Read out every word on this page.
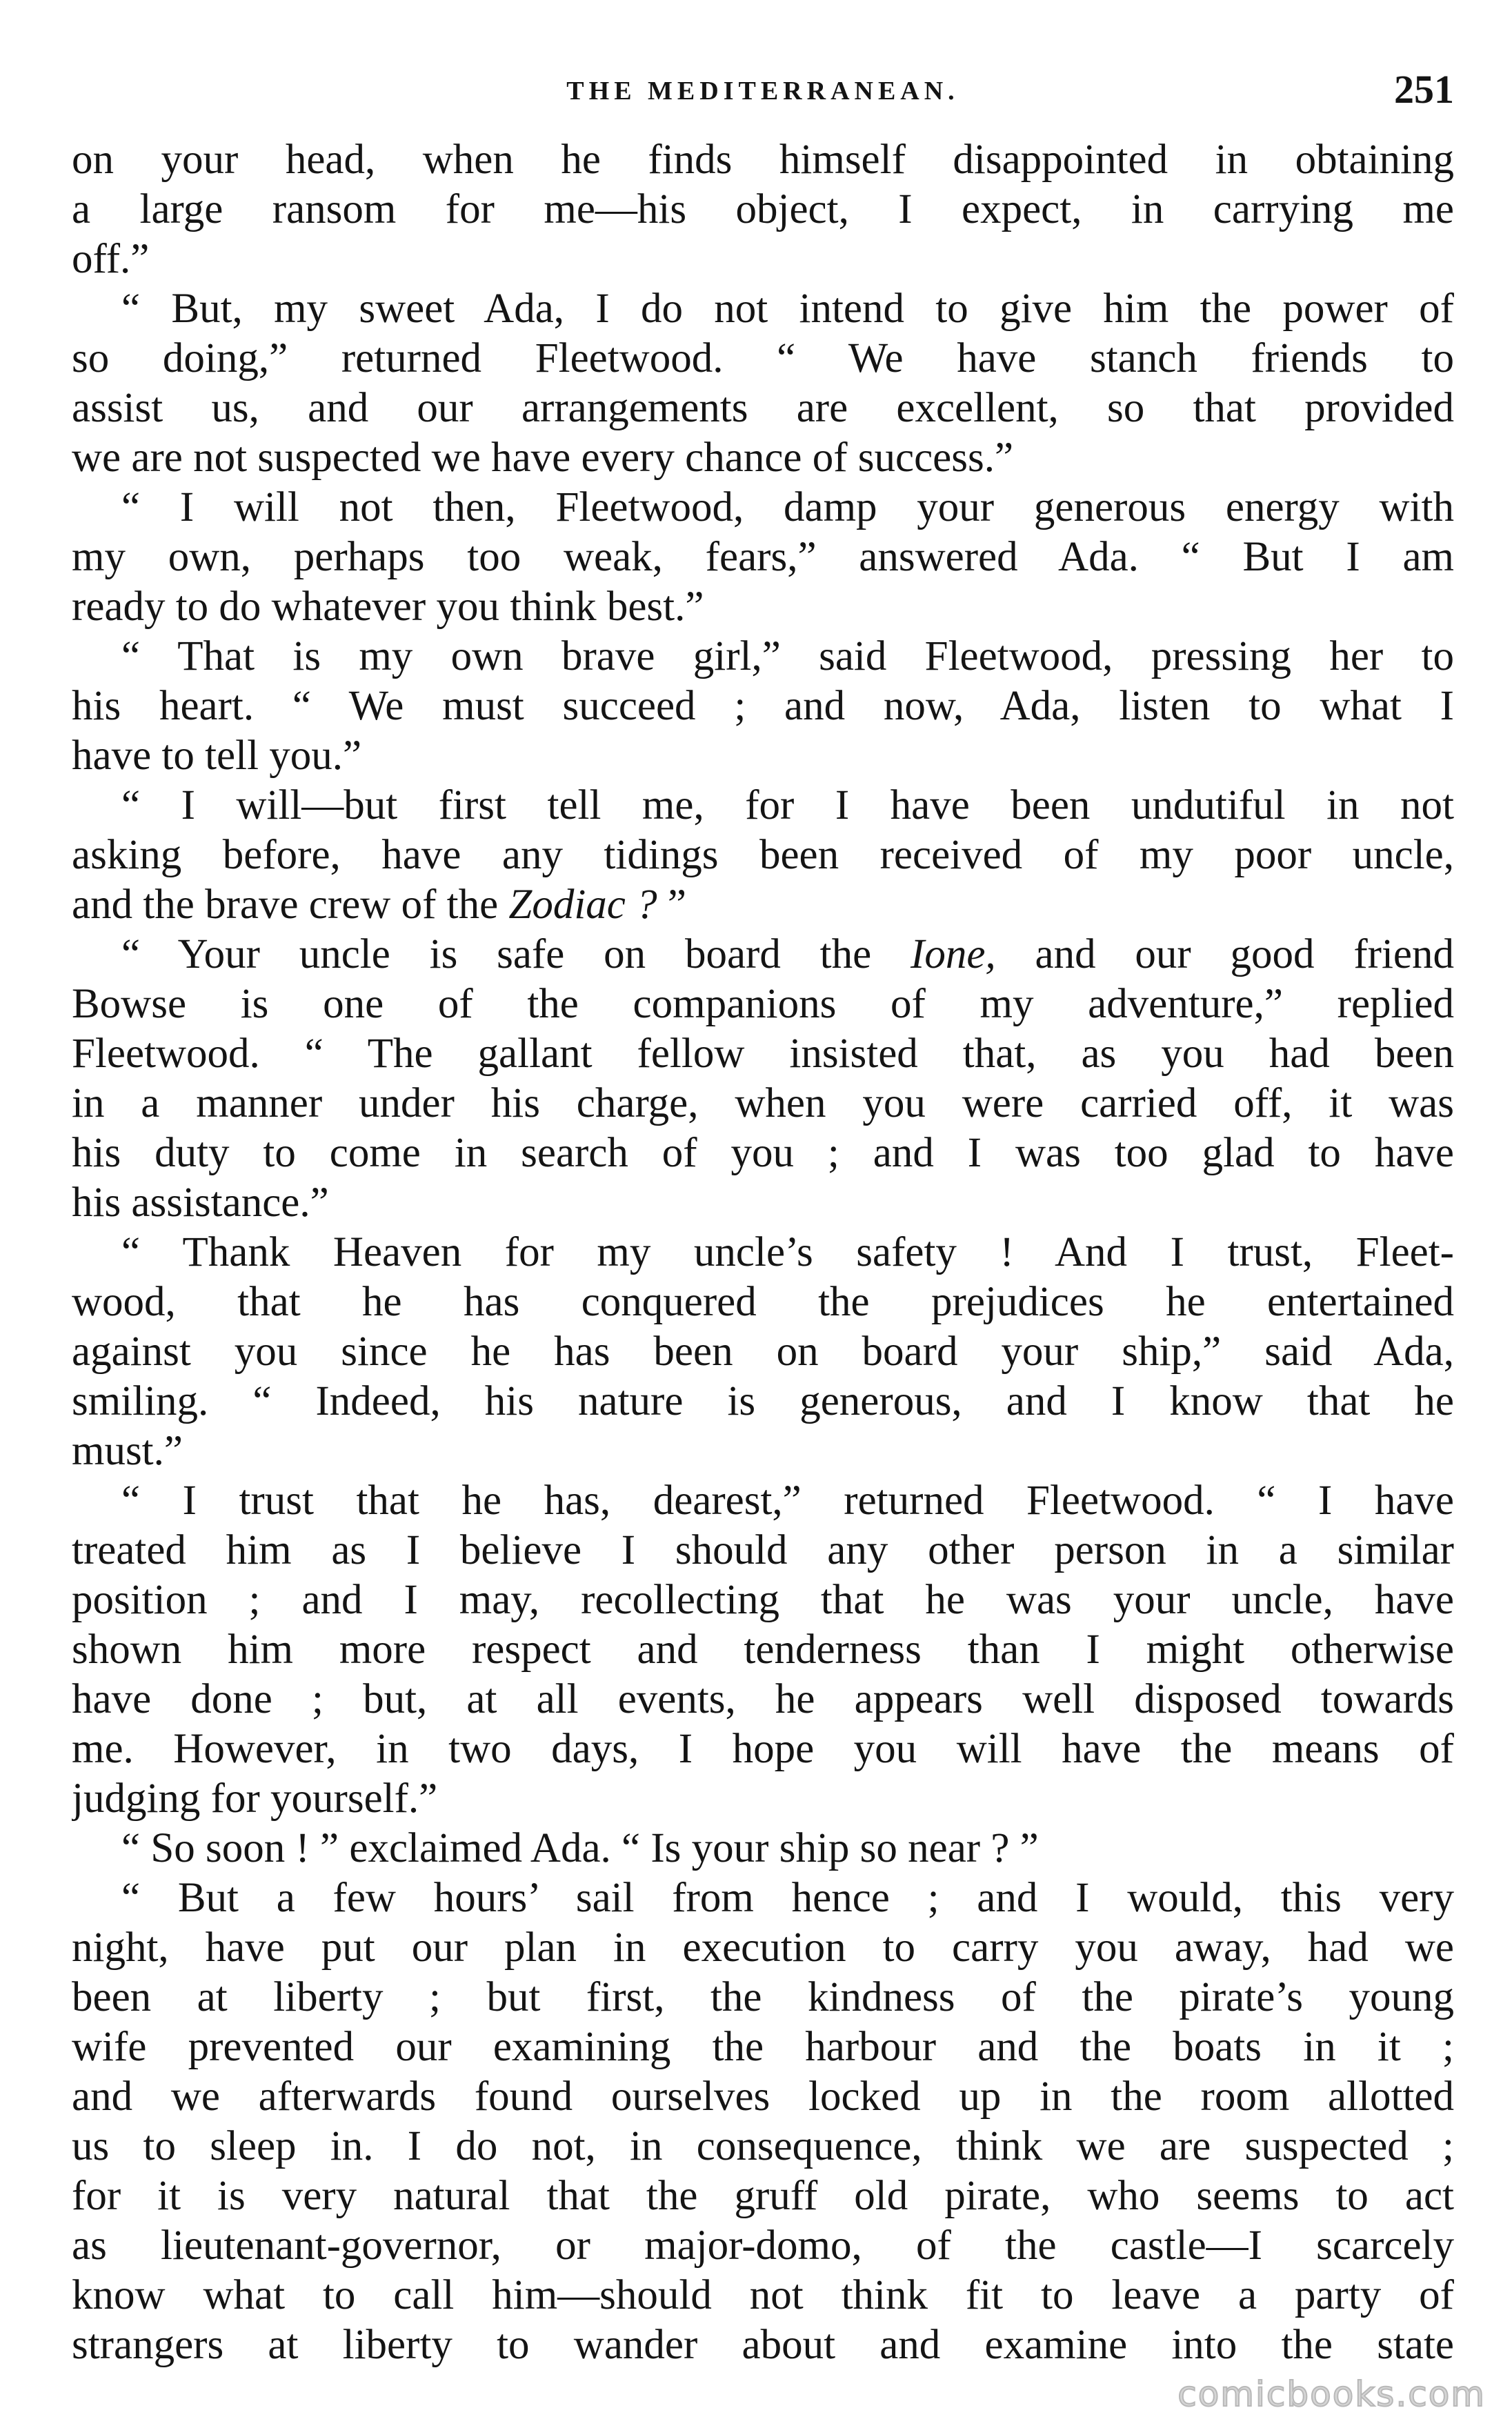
THE MEDITERRANEAN.	251
on your head, when he finds himself disappointed in obtaining
a large ransom for me—his object, I expect, in carrying me
off.”
“ But, my sweet Ada, I do not intend to give him the power of
so doing,” returned Fleetwood. “ We have stanch friends to
assist us, and our arrangements are excellent, so that provided
we are not suspected we have every chance of success.”
“ I will not then, Fleetwood, damp your generous energy with
my own, perhaps too weak, fears,” answered Ada. “ But I am
ready to do whatever you think best.”
“ That is my own brave girl,” said Fleetwood, pressing her to
his heart. “ We must succeed ; and now, Ada, listen to what I
have to tell you.”
“ I will—but first tell me, for I have been undutiful in not
asking before, have any tidings been received of my poor uncle,
and the brave crew of the Zodiac ? ”
“ Your uncle is safe on board the Ione, and our good friend
Bowse is one of the companions of my adventure,” replied
Fleetwood. “ The gallant fellow insisted that, as you had been
in a manner under his charge, when you were carried off, it was
his duty to come in search of you ; and I was too glad to have
his assistance.”
“ Thank Heaven for my uncle’s safety ! And I trust, Fleet-
wood, that he has conquered the prejudices he entertained
against you since he has been on board your ship,” said Ada,
smiling. “ Indeed, his nature is generous, and I know that he
must.”
“ I trust that he has, dearest,” returned Fleetwood. “ I have
treated him as I believe I should any other person in a similar
position ; and I may, recollecting that he was your uncle, have
shown him more respect and tenderness than I might otherwise
have done ; but, at all events, he appears well disposed towards
me. However, in two days, I hope you will have the means of
judging for yourself.”
“ So soon ! ” exclaimed Ada. “ Is your ship so near ? ”
“ But a few hours’ sail from hence ; and I would, this very
night, have put our plan in execution to carry you away, had we
been at liberty ; but first, the kindness of the pirate’s young
wife prevented our examining the harbour and the boats in it ;
and we afterwards found ourselves locked up in the room allotted
us to sleep in. I do not, in consequence, think we are suspected ;
for it is very natural that the gruff old pirate, who seems to act
as lieutenant-governor, or major-domo, of the castle—I scarcely
know what to call him—should not think fit to leave a party of
strangers at liberty to wander about and examine into the state
comicbooks.com
